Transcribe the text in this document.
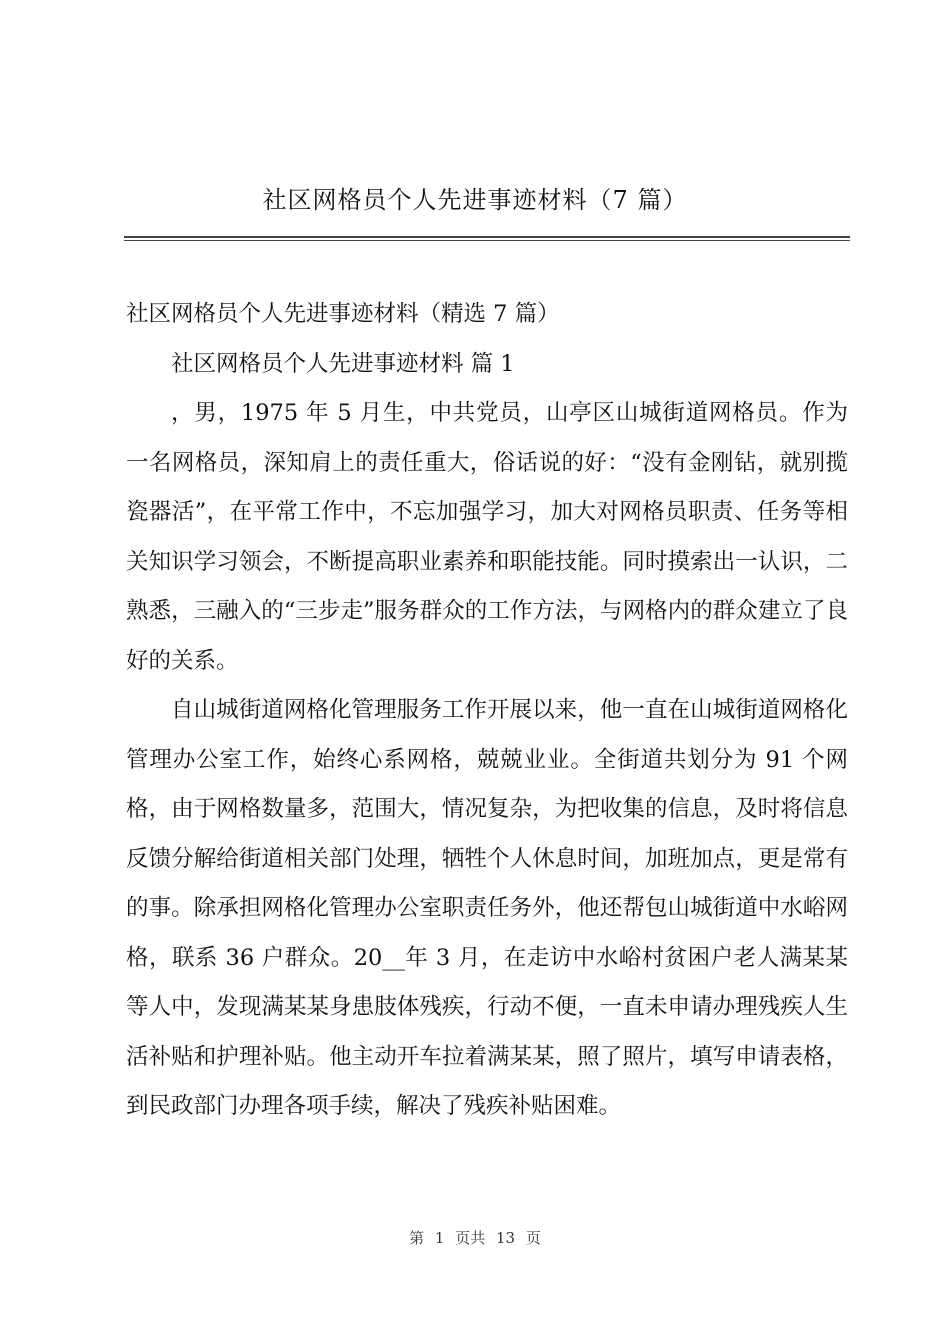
社区网格员个人先进事迹材料（7 篇）

社区网格员个人先进事迹材料（精选 7 篇）

社区网格员个人先进事迹材料 篇 1

，男，1975 年 5 月生，中共党员，山亭区山城街道网格员。作为一名网格员，深知肩上的责任重大，俗话说的好：“没有金刚钻，就别揽瓷器活”，在平常工作中，不忘加强学习，加大对网格员职责、任务等相关知识学习领会，不断提高职业素养和职能技能。同时摸索出一认识，二熟悉，三融入的“三步走”服务群众的工作方法，与网格内的群众建立了良好的关系。

自山城街道网格化管理服务工作开展以来，他一直在山城街道网格化管理办公室工作，始终心系网格，兢兢业业。全街道共划分为 91 个网格，由于网格数量多，范围大，情况复杂，为把收集的信息，及时将信息反馈分解给街道相关部门处理，牺牲个人休息时间，加班加点，更是常有的事。除承担网格化管理办公室职责任务外，他还帮包山城街道中水峪网格，联系 36 户群众。20__年 3 月，在走访中水峪村贫困户老人满某某等人中，发现满某某身患肢体残疾，行动不便，一直未申请办理残疾人生活补贴和护理补贴。他主动开车拉着满某某，照了照片，填写申请表格，到民政部门办理各项手续，解决了残疾补贴困难。

第 1 页共 13 页
